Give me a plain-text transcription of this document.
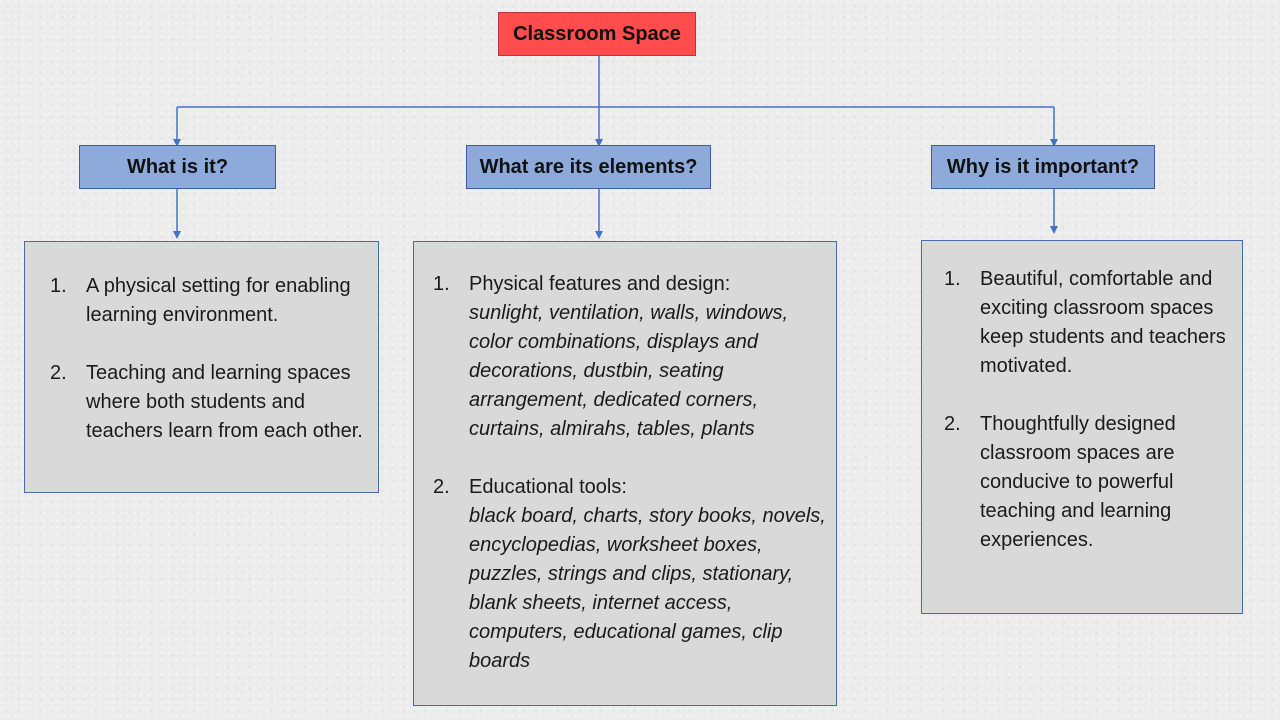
Classroom Space
What is it?	What are its elements?	Why is it important?
1. A physical setting for enabling learning environment.
2. Teaching and learning spaces where both students and teachers learn from each other.
1. Physical features and design:
sunlight, ventilation, walls, windows, color combinations, displays and decorations, dustbin, seating arrangement, dedicated corners, curtains, almirahs, tables, plants
2. Educational tools:
black board, charts, story books, novels, encyclopedias, worksheet boxes, puzzles, strings and clips, stationary, blank sheets, internet access, computers, educational games, clip boards
1. Beautiful, comfortable and exciting classroom spaces keep students and teachers motivated.
2. Thoughtfully designed classroom spaces are conducive to powerful teaching and learning experiences.
